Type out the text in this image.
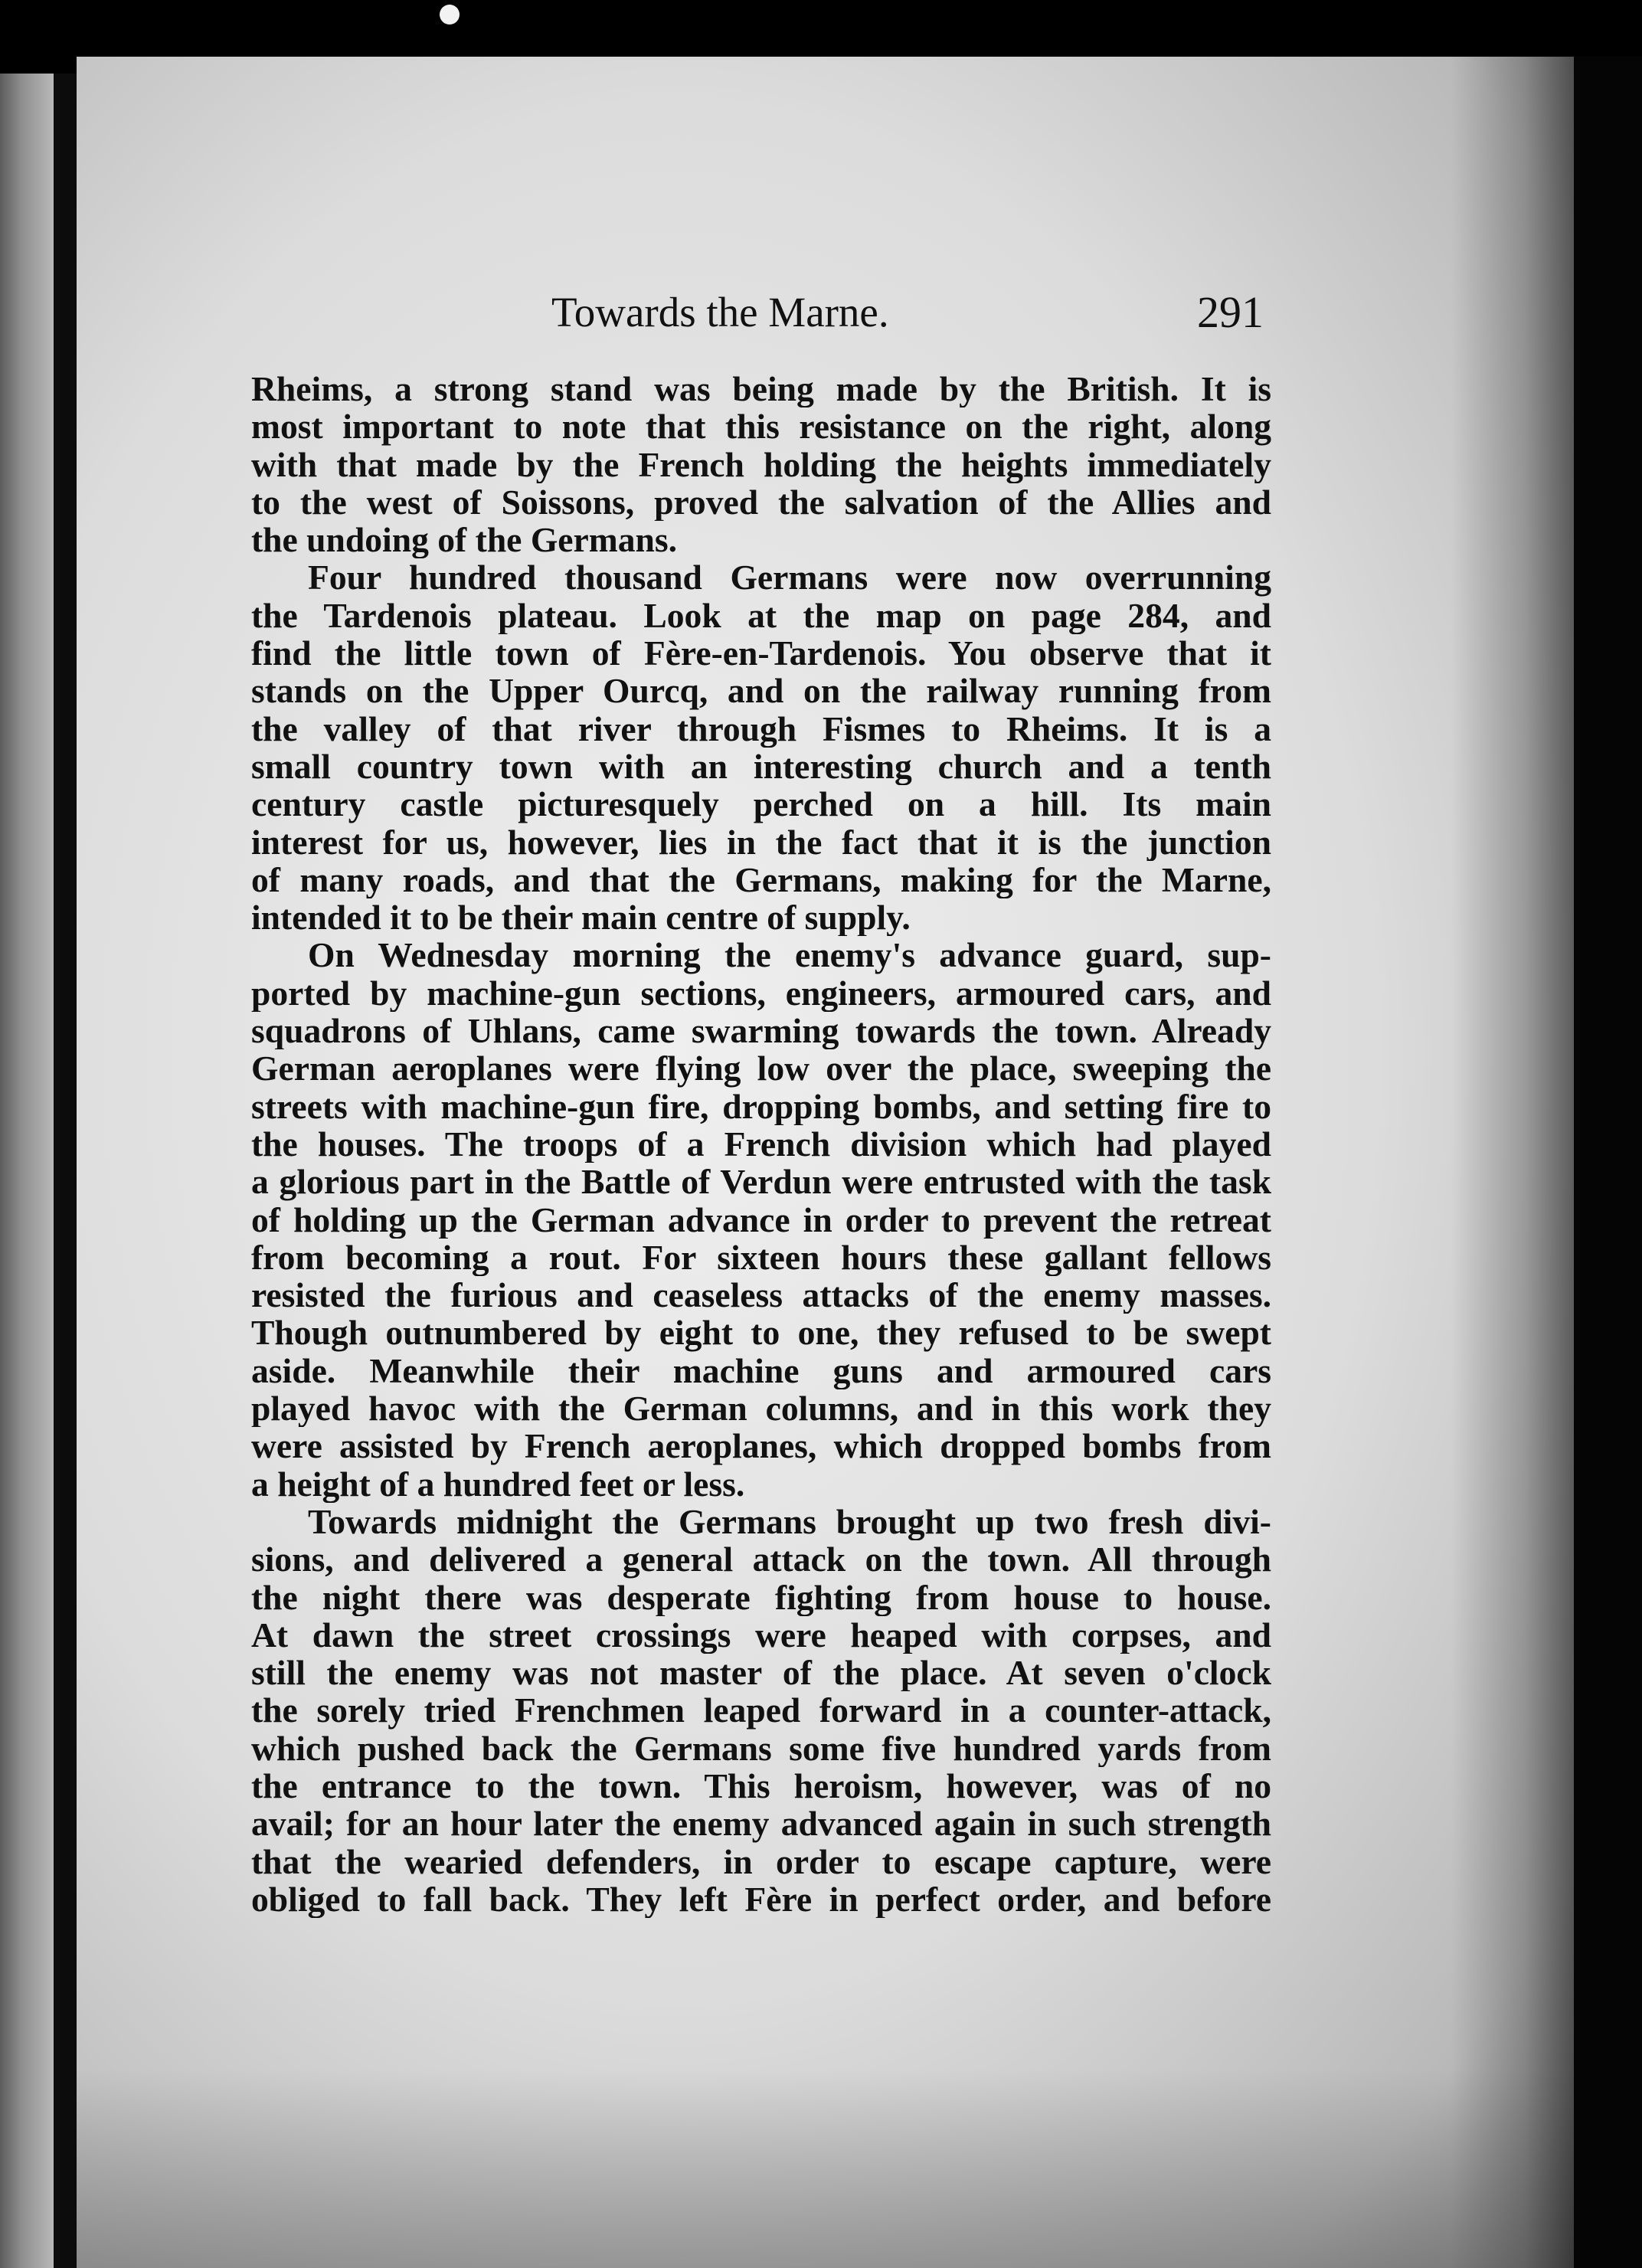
Towards the Marne.	291
Rheims, a strong stand was being made by the British. It is
most important to note that this resistance on the right, along
with that made by the French holding the heights immediately
to the west of Soissons, proved the salvation of the Allies and
the undoing of the Germans.
Four hundred thousand Germans were now overrunning
the Tardenois plateau. Look at the map on page 284, and
find the little town of Fère-en-Tardenois. You observe that it
stands on the Upper Ourcq, and on the railway running from
the valley of that river through Fismes to Rheims. It is a
small country town with an interesting church and a tenth
century castle picturesquely perched on a hill. Its main
interest for us, however, lies in the fact that it is the junction
of many roads, and that the Germans, making for the Marne,
intended it to be their main centre of supply.
On Wednesday morning the enemy's advance guard, sup-
ported by machine-gun sections, engineers, armoured cars, and
squadrons of Uhlans, came swarming towards the town. Already
German aeroplanes were flying low over the place, sweeping the
streets with machine-gun fire, dropping bombs, and setting fire to
the houses. The troops of a French division which had played
a glorious part in the Battle of Verdun were entrusted with the task
of holding up the German advance in order to prevent the retreat
from becoming a rout. For sixteen hours these gallant fellows
resisted the furious and ceaseless attacks of the enemy masses.
Though outnumbered by eight to one, they refused to be swept
aside. Meanwhile their machine guns and armoured cars
played havoc with the German columns, and in this work they
were assisted by French aeroplanes, which dropped bombs from
a height of a hundred feet or less.
Towards midnight the Germans brought up two fresh divi-
sions, and delivered a general attack on the town. All through
the night there was desperate fighting from house to house.
At dawn the street crossings were heaped with corpses, and
still the enemy was not master of the place. At seven o'clock
the sorely tried Frenchmen leaped forward in a counter-attack,
which pushed back the Germans some five hundred yards from
the entrance to the town. This heroism, however, was of no
avail; for an hour later the enemy advanced again in such strength
that the wearied defenders, in order to escape capture, were
obliged to fall back. They left Fère in perfect order, and before
